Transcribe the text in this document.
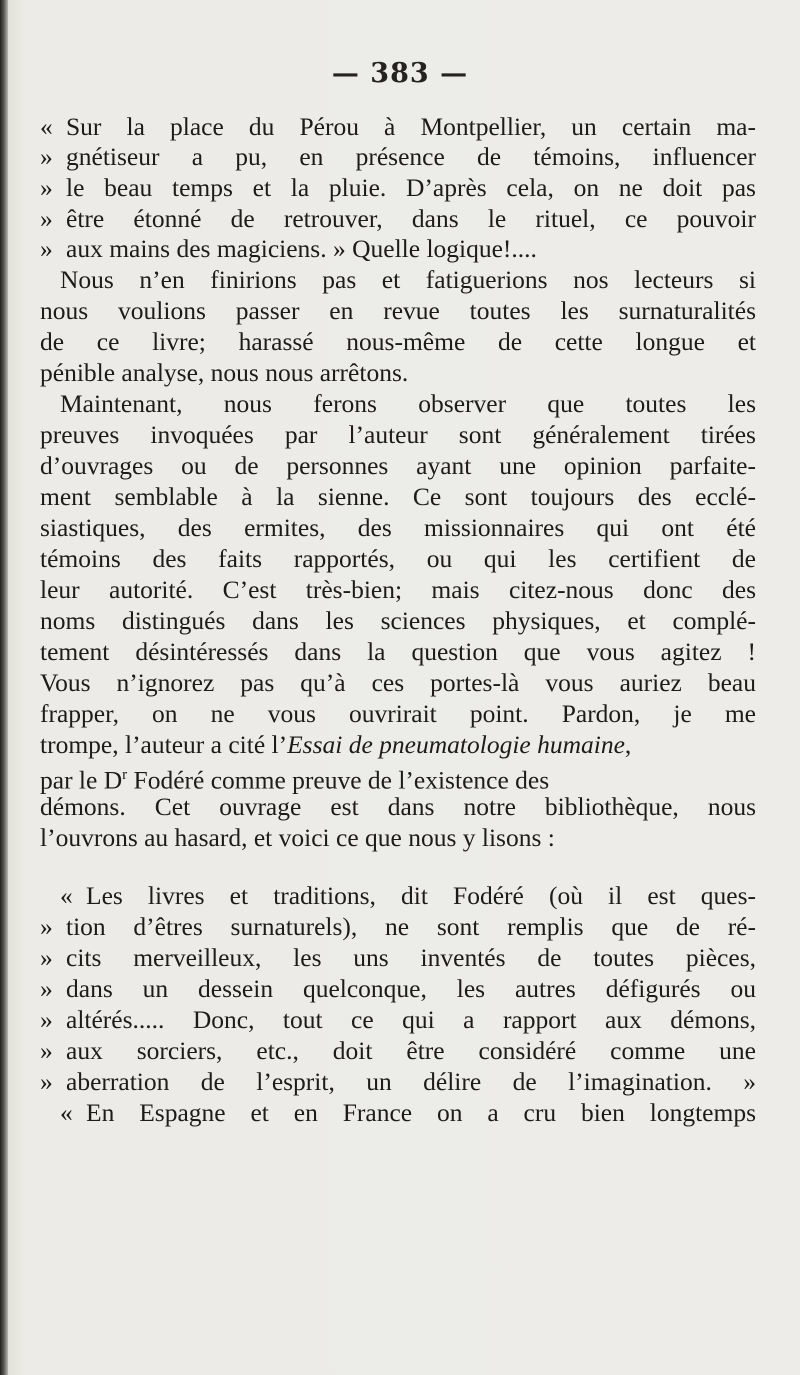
— 383 —
« Sur la place du Pérou à Montpellier, un certain ma-
» gnétiseur a pu, en présence de témoins, influencer
» le beau temps et la pluie. D’après cela, on ne doit pas
» être étonné de retrouver, dans le rituel, ce pouvoir
» aux mains des magiciens. » Quelle logique!....
Nous n’en finirions pas et fatiguerions nos lecteurs si
nous voulions passer en revue toutes les surnaturalités
de ce livre; harassé nous-même de cette longue et
pénible analyse, nous nous arrêtons.
Maintenant, nous ferons observer que toutes les
preuves invoquées par l’auteur sont généralement tirées
d’ouvrages ou de personnes ayant une opinion parfaite-
ment semblable à la sienne. Ce sont toujours des ecclé-
siastiques, des ermites, des missionnaires qui ont été
témoins des faits rapportés, ou qui les certifient de
leur autorité. C’est très-bien; mais citez-nous donc des
noms distingués dans les sciences physiques, et complé-
tement désintéressés dans la question que vous agitez !
Vous n’ignorez pas qu’à ces portes-là vous auriez beau
frapper, on ne vous ouvrirait point. Pardon, je me
trompe, l’auteur a cité l’Essai de pneumatologie humaine,
par le $D^r$ Fodéré comme preuve de l’existence des
démons. Cet ouvrage est dans notre bibliothèque, nous
l’ouvrons au hasard, et voici ce que nous y lisons :
« Les livres et traditions, dit Fodéré (où il est ques-
» tion d’êtres surnaturels), ne sont remplis que de ré-
» cits merveilleux, les uns inventés de toutes pièces,
» dans un dessein quelconque, les autres défigurés ou
» altérés..... Donc, tout ce qui a rapport aux démons,
» aux sorciers, etc., doit être considéré comme une
» aberration de l’esprit, un délire de l’imagination. »
« En Espagne et en France on a cru bien longtemps
